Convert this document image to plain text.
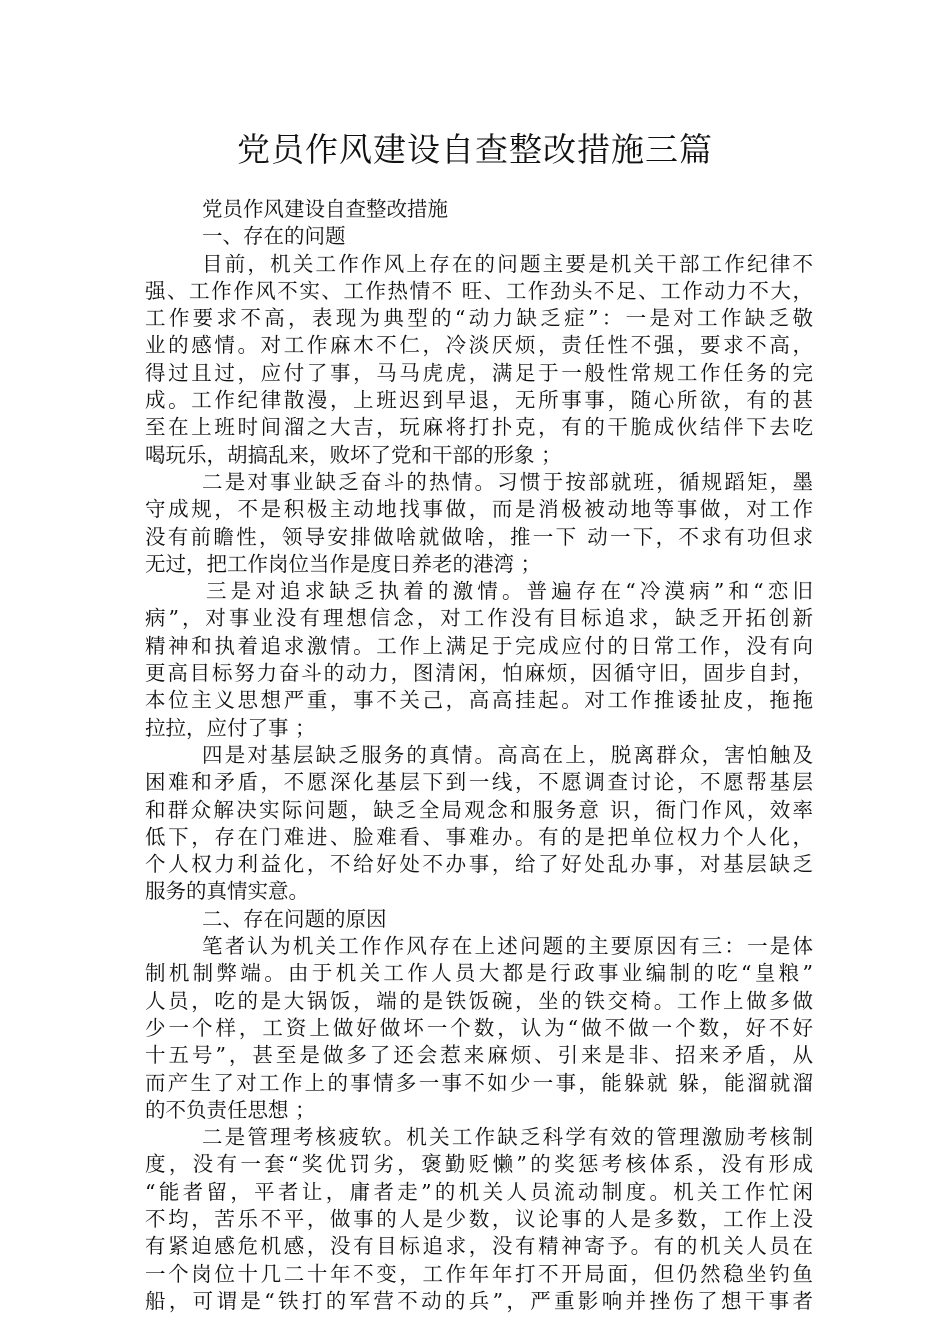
党员作风建设自查整改措施三篇
党员作风建设自查整改措施
一、存在的问题
目前，机关工作作风上存在的问题主要是机关干部工作纪律不
强、工作作风不实、工作热情不 旺、工作劲头不足、工作动力不大，
工作要求不高，表现为典型的“动力缺乏症”：一是对工作缺乏敬
业的感情。对工作麻木不仁，冷淡厌烦，责任性不强，要求不高，
得过且过，应付了事，马马虎虎，满足于一般性常规工作任务的完
成。工作纪律散漫，上班迟到早退，无所事事，随心所欲，有的甚
至在上班时间溜之大吉，玩麻将打扑克，有的干脆成伙结伴下去吃
喝玩乐，胡搞乱来，败坏了党和干部的形象 ；
二是对事业缺乏奋斗的热情。习惯于按部就班，循规蹈矩，墨
守成规，不是积极主动地找事做，而是消极被动地等事做，对工作
没有前瞻性，领导安排做啥就做啥，推一下 动一下，不求有功但求
无过，把工作岗位当作是度日养老的港湾 ；
三是对追求缺乏执着的激情。普遍存在“冷漠病”和“恋旧
病”，对事业没有理想信念，对工作没有目标追求，缺乏开拓创新
精神和执着追求激情。工作上满足于完成应付的日常工作，没有向
更高目标努力奋斗的动力，图清闲，怕麻烦，因循守旧，固步自封，
本位主义思想严重，事不关己，高高挂起。对工作推诿扯皮，拖拖
拉拉，应付了事 ；
四是对基层缺乏服务的真情。高高在上，脱离群众，害怕触及
困难和矛盾，不愿深化基层下到一线，不愿调查讨论，不愿帮基层
和群众解决实际问题，缺乏全局观念和服务意 识，衙门作风，效率
低下，存在门难进、脸难看、事难办。有的是把单位权力个人化，
个人权力利益化，不给好处不办事，给了好处乱办事，对基层缺乏
服务的真情实意。
二、存在问题的原因
笔者认为机关工作作风存在上述问题的主要原因有三：一是体
制机制弊端。由于机关工作人员大都是行政事业编制的吃“皇粮”
人员，吃的是大锅饭，端的是铁饭碗，坐的铁交椅。工作上做多做
少一个样，工资上做好做坏一个数，认为“做不做一个数，好不好
十五号”，甚至是做多了还会惹来麻烦、引来是非、招来矛盾，从
而产生了对工作上的事情多一事不如少一事，能躲就 躲，能溜就溜
的不负责任思想 ；
二是管理考核疲软。机关工作缺乏科学有效的管理激励考核制
度，没有一套“奖优罚劣，褒勤贬懒”的奖惩考核体系，没有形成
“能者留，平者让，庸者走”的机关人员流动制度。机关工作忙闲
不均，苦乐不平，做事的人是少数，议论事的人是多数，工作上没
有紧迫感危机感，没有目标追求，没有精神寄予。有的机关人员在
一个岗位十几二十年不变，工作年年打不开局面，但仍然稳坐钓鱼
船，可谓是“铁打的军营不动的兵”，严重影响并挫伤了想干事者
